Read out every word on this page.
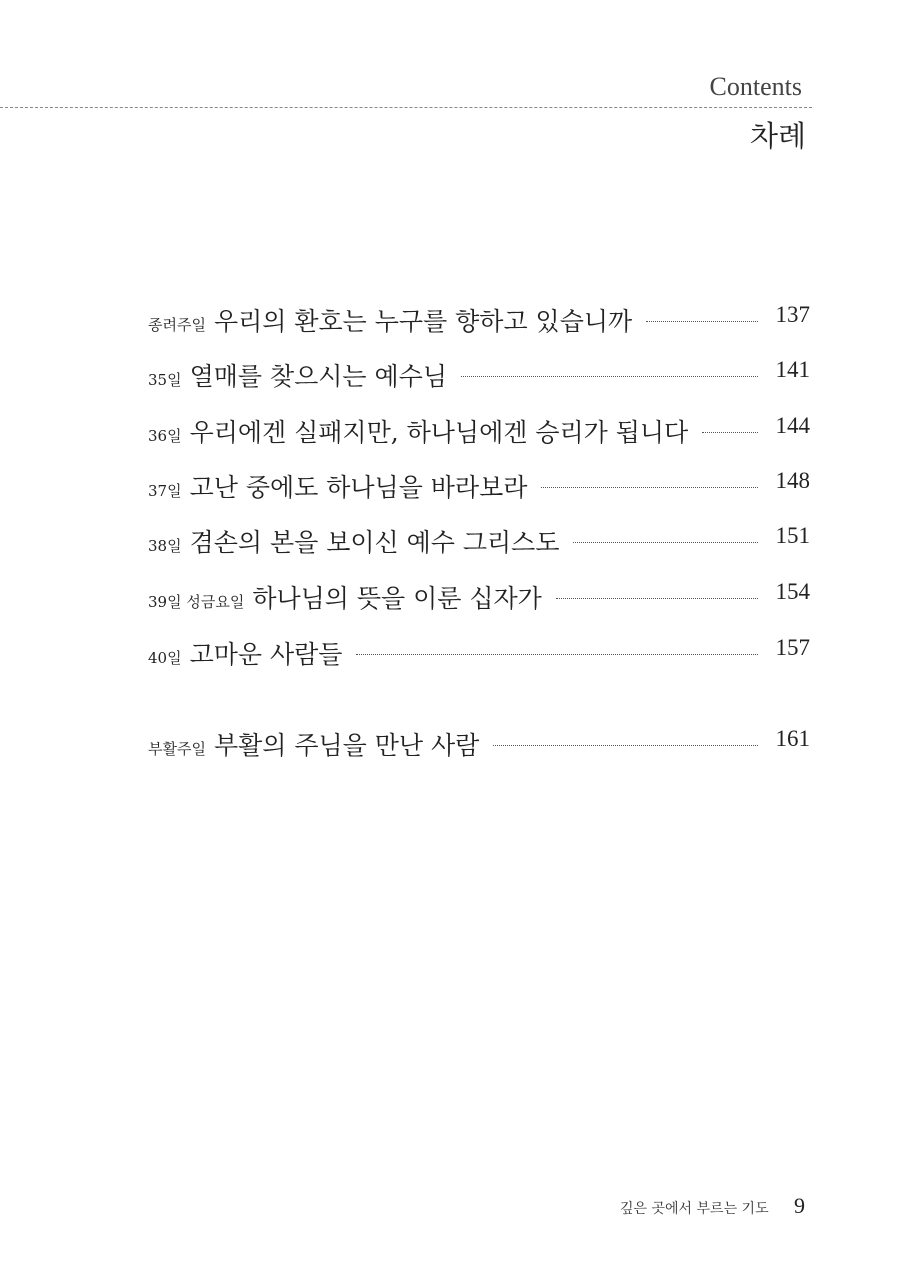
Contents
차례
종려주일 우리의 환호는 누구를 향하고 있습니까	137
35일 열매를 찾으시는 예수님	141
36일 우리에겐 실패지만, 하나님에겐 승리가 됩니다	144
37일 고난 중에도 하나님을 바라보라	148
38일 겸손의 본을 보이신 예수 그리스도	151
39일 성금요일 하나님의 뜻을 이룬 십자가	154
40일 고마운 사람들	157
부활주일 부활의 주님을 만난 사람	161
깊은 곳에서 부르는 기도 9
